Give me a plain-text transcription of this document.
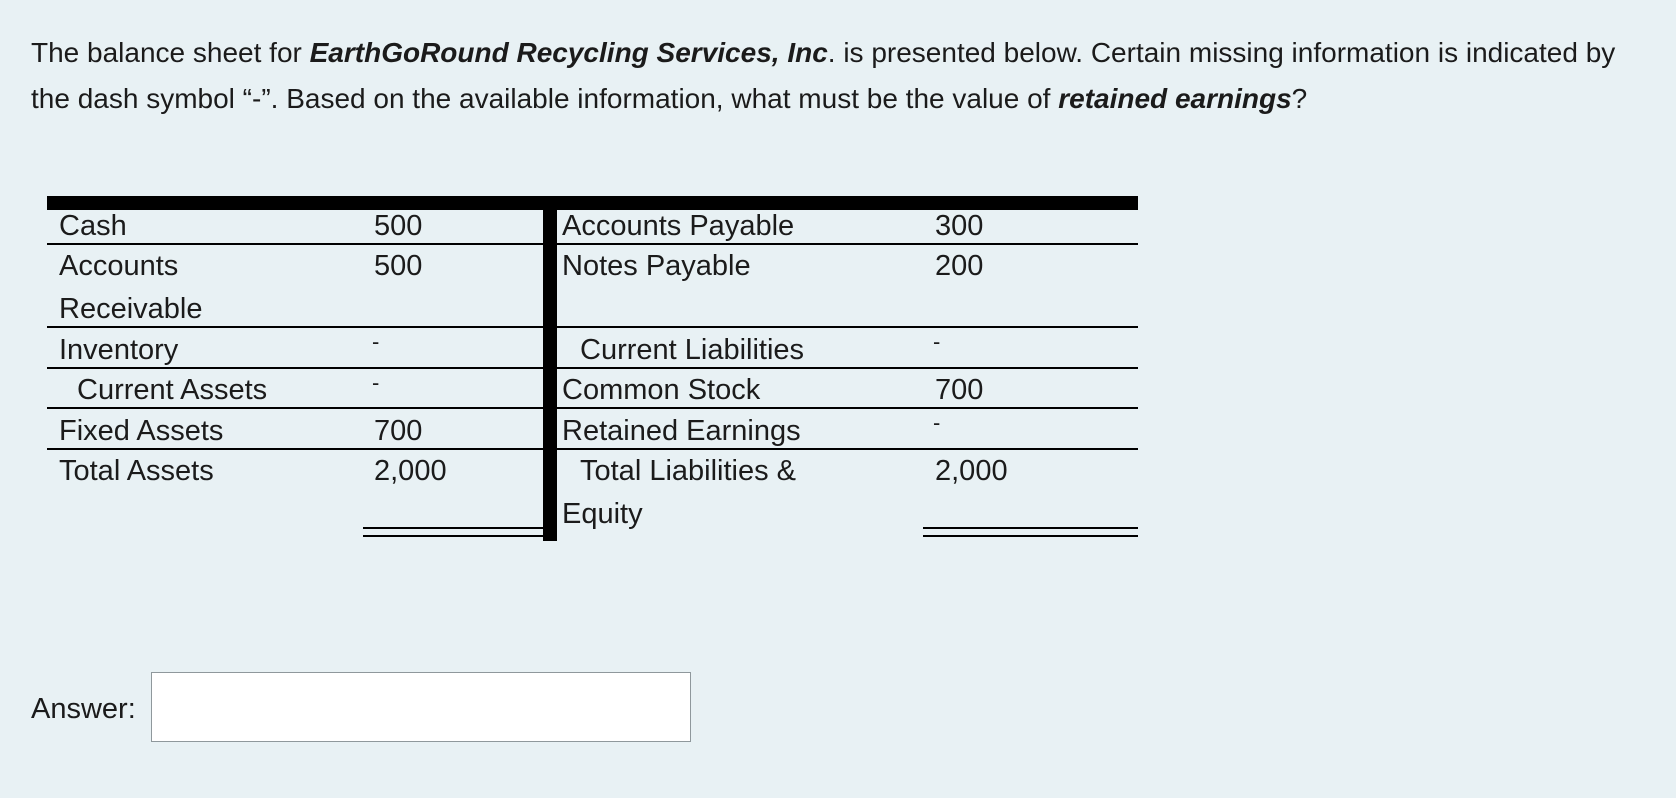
The balance sheet for EarthGoRound Recycling Services, Inc. is presented below. Certain missing information is indicated by the dash symbol “-”. Based on the available information, what must be the value of retained earnings?
Cash
Accounts
Receivable
Inventory
Current Assets
Fixed Assets
Total Assets
500
500
-
-
700
2,000
Accounts Payable
Notes Payable
Current Liabilities
Common Stock
Retained Earnings
Total Liabilities &
Equity
300
200
-
700
-
2,000
Answer:
